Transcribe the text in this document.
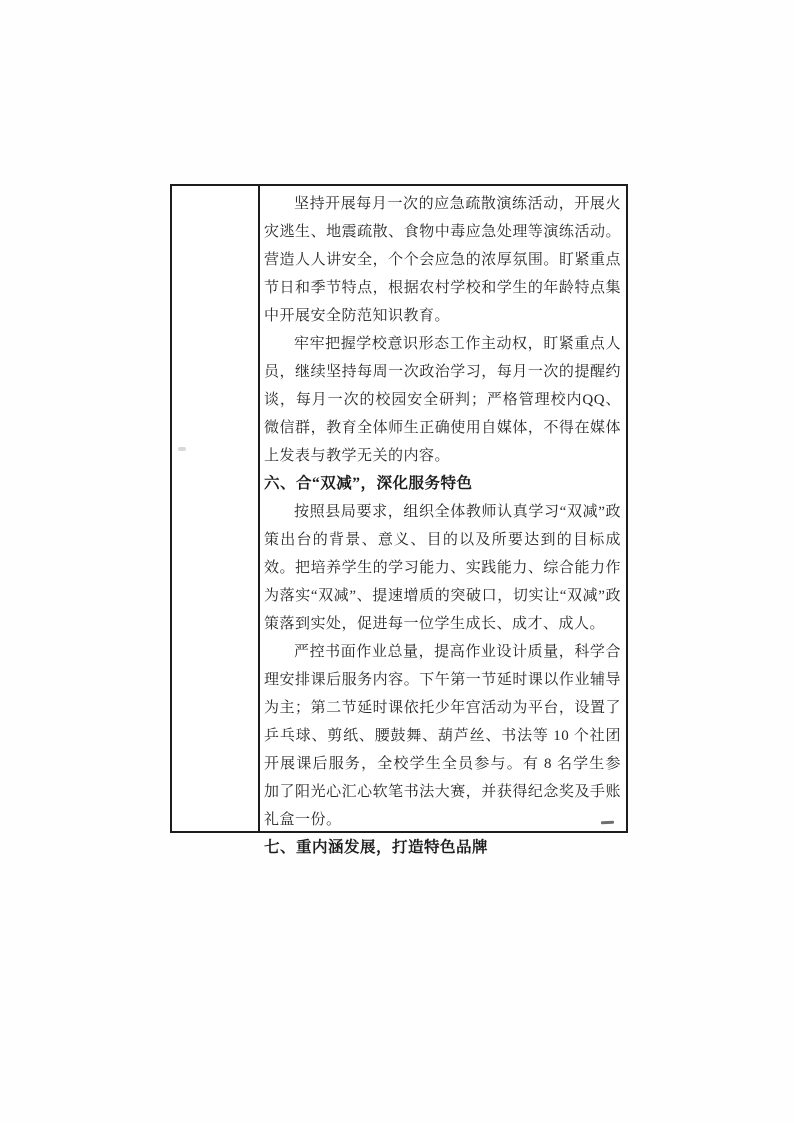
坚持开展每月一次的应急疏散演练活动，开展火灾逃生、地震疏散、食物中毒应急处理等演练活动。营造人人讲安全，个个会应急的浓厚氛围。盯紧重点节日和季节特点，根据农村学校和学生的年龄特点集中开展安全防范知识教育。

牢牢把握学校意识形态工作主动权，盯紧重点人员，继续坚持每周一次政治学习，每月一次的提醒约谈，每月一次的校园安全研判；严格管理校内QQ、微信群，教育全体师生正确使用自媒体，不得在媒体上发表与教学无关的内容。

六、合“双减”，深化服务特色

按照县局要求，组织全体教师认真学习“双减”政策出台的背景、意义、目的以及所要达到的目标成效。把培养学生的学习能力、实践能力、综合能力作为落实“双减”、提速增质的突破口，切实让“双减”政策落到实处，促进每一位学生成长、成才、成人。

严控书面作业总量，提高作业设计质量，科学合理安排课后服务内容。下午第一节延时课以作业辅导为主；第二节延时课依托少年宫活动为平台，设置了乒乓球、剪纸、腰鼓舞、葫芦丝、书法等 10 个社团开展课后服务，全校学生全员参与。有 8 名学生参加了阳光心汇心软笔书法大赛，并获得纪念奖及手账礼盒一份。

七、重内涵发展，打造特色品牌
